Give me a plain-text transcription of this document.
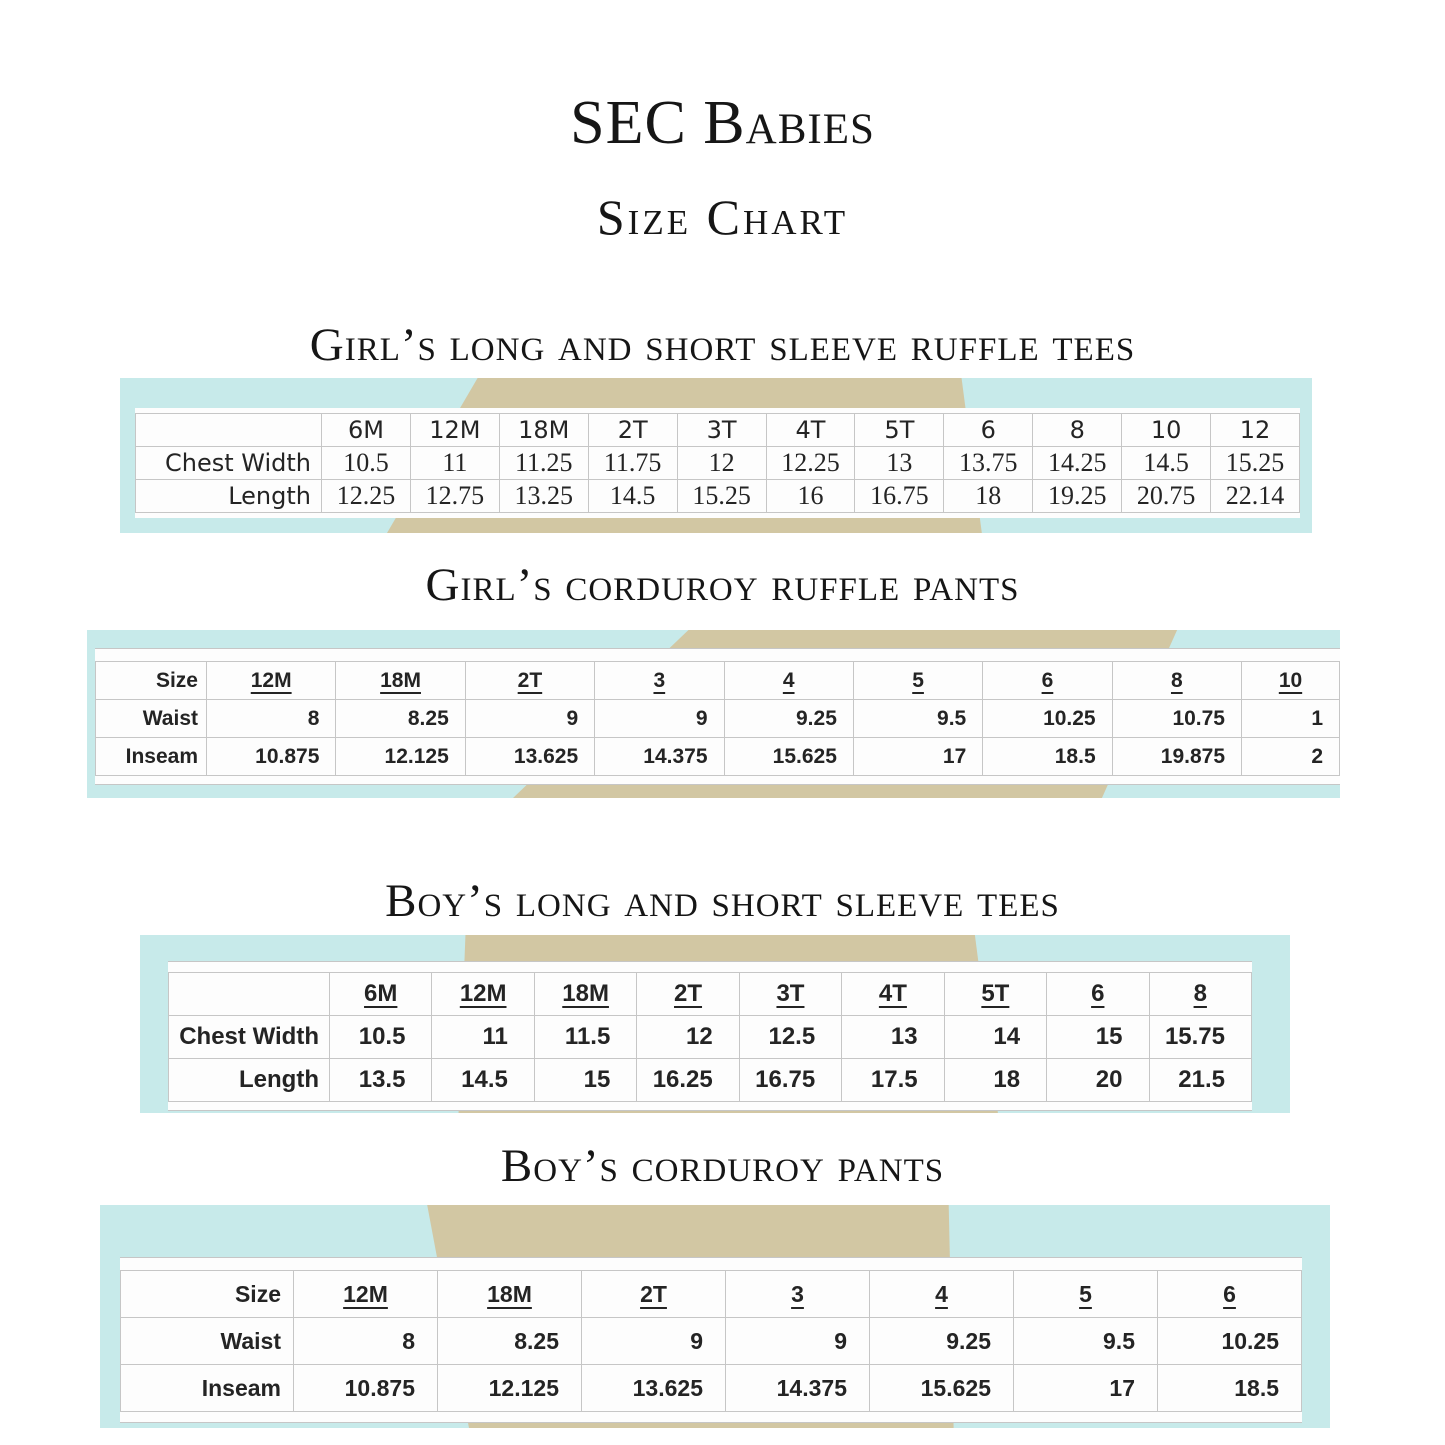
SEC Babies
Size Chart
Girl’s long and short sleeve ruffle tees
	6M	12M	18M	2T	3T	4T	5T	6	8	10	12
Chest Width	10.5	11	11.25	11.75	12	12.25	13	13.75	14.25	14.5	15.25
Length	12.25	12.75	13.25	14.5	15.25	16	16.75	18	19.25	20.75	22.14
Girl’s corduroy ruffle pants
Size	12M	18M	2T	3	4	5	6	8	10
Waist	8	8.25	9	9	9.25	9.5	10.25	10.75	1
Inseam	10.875	12.125	13.625	14.375	15.625	17	18.5	19.875	2
Boy’s long and short sleeve tees
	6M	12M	18M	2T	3T	4T	5T	6	8
Chest Width	10.5	11	11.5	12	12.5	13	14	15	15.75
Length	13.5	14.5	15	16.25	16.75	17.5	18	20	21.5
Boy’s corduroy pants
Size	12M	18M	2T	3	4	5	6
Waist	8	8.25	9	9	9.25	9.5	10.25
Inseam	10.875	12.125	13.625	14.375	15.625	17	18.5
